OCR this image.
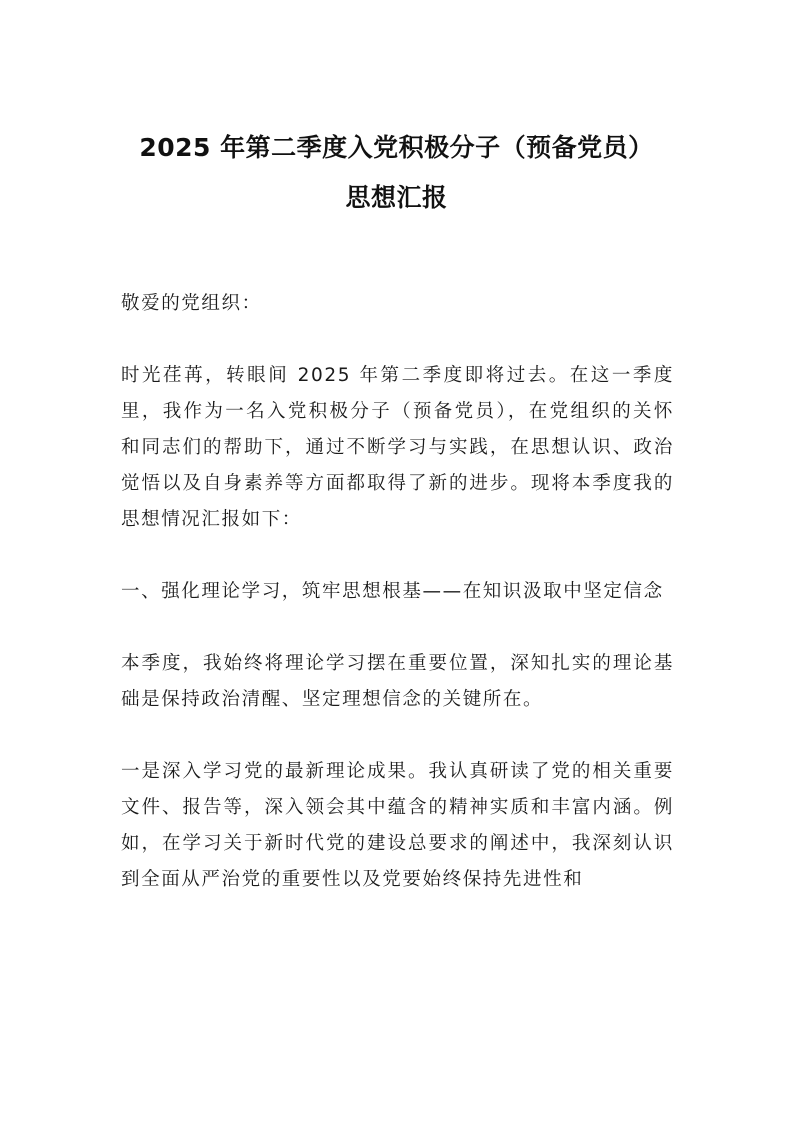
2025 年第二季度入党积极分子（预备党员）
思想汇报

敬爱的党组织：

时光荏苒，转眼间 2025 年第二季度即将过去。在这一季度里，我作为一名入党积极分子（预备党员），在党组织的关怀和同志们的帮助下，通过不断学习与实践，在思想认识、政治觉悟以及自身素养等方面都取得了新的进步。现将本季度我的思想情况汇报如下：

一、强化理论学习，筑牢思想根基——在知识汲取中坚定信念

本季度，我始终将理论学习摆在重要位置，深知扎实的理论基础是保持政治清醒、坚定理想信念的关键所在。

一是深入学习党的最新理论成果。我认真研读了党的相关重要文件、报告等，深入领会其中蕴含的精神实质和丰富内涵。例如，在学习关于新时代党的建设总要求的阐述中，我深刻认识到全面从严治党的重要性以及党要始终保持先进性和
